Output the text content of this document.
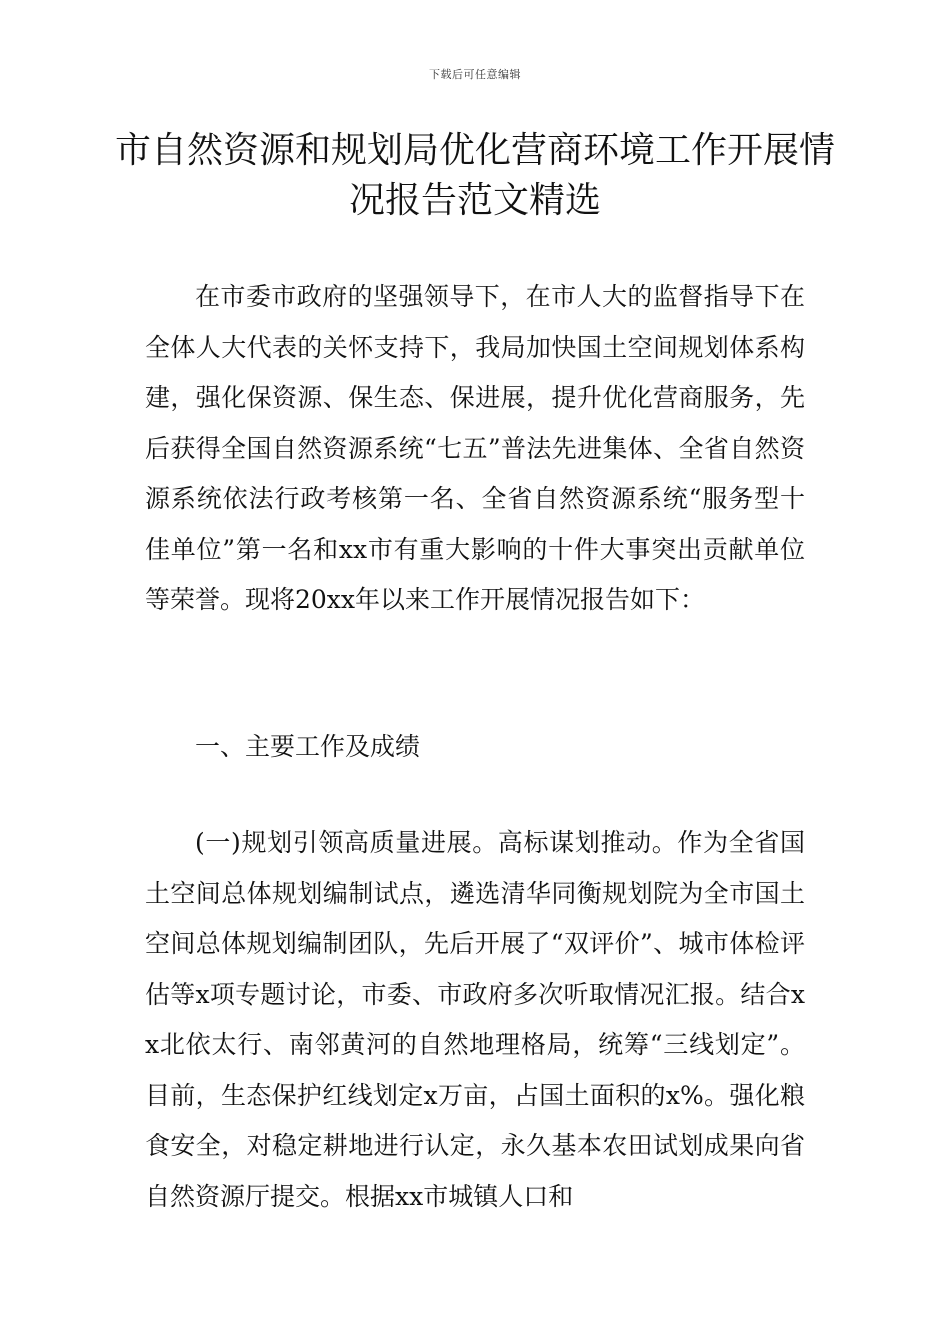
下载后可任意编辑
市自然资源和规划局优化营商环境工作开展情况报告范文精选

在市委市政府的坚强领导下，在市人大的监督指导下在全体人大代表的关怀支持下，我局加快国土空间规划体系构建，强化保资源、保生态、保进展，提升优化营商服务，先后获得全国自然资源系统“七五”普法先进集体、全省自然资源系统依法行政考核第一名、全省自然资源系统“服务型十佳单位”第一名和xx市有重大影响的十件大事突出贡献单位等荣誉。现将20xx年以来工作开展情况报告如下：

一、主要工作及成绩

(一)规划引领高质量进展。高标谋划推动。作为全省国土空间总体规划编制试点，遴选清华同衡规划院为全市国土空间总体规划编制团队，先后开展了“双评价”、城市体检评估等x项专题讨论，市委、市政府多次听取情况汇报。结合xx北依太行、南邻黄河的自然地理格局，统筹“三线划定”。目前，生态保护红线划定x万亩，占国土面积的x%。强化粮食安全，对稳定耕地进行认定，永久基本农田试划成果向省自然资源厅提交。根据xx市城镇人口和
